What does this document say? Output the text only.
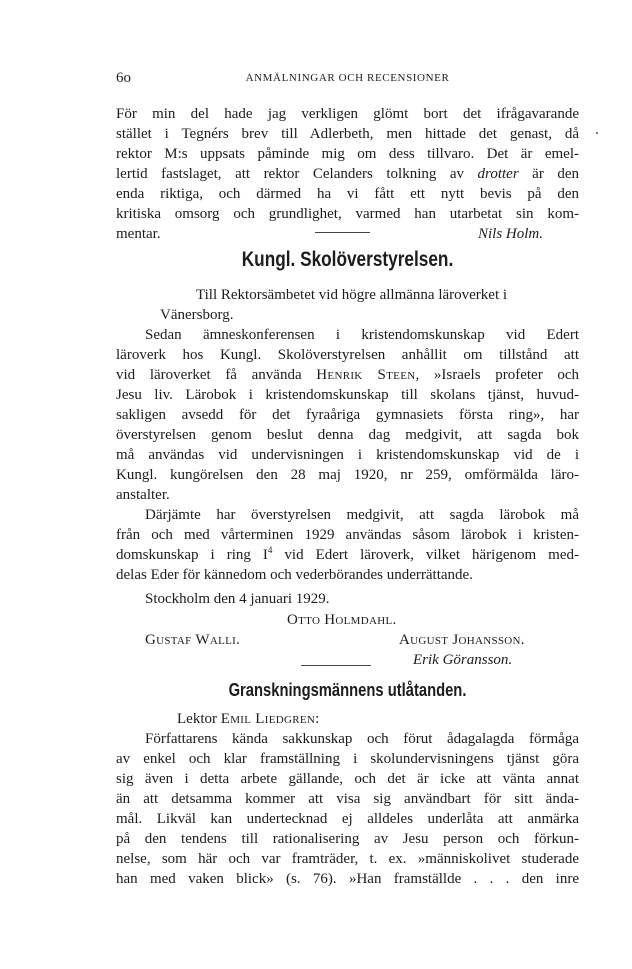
6o	ANMÄLNINGAR OCH RECENSIONER
För min del hade jag verkligen glömt bort det ifrågavarande
stället i Tegnérs brev till Adlerbeth, men hittade det genast, då
rektor M:s uppsats påminde mig om dess tillvaro. Det är emel-
lertid fastslaget, att rektor Celanders tolkning av drotter är den
enda riktiga, och därmed ha vi fått ett nytt bevis på den
kritiska omsorg och grundlighet, varmed han utarbetat sin kom-
mentar.	Nils Holm.
Kungl. Skolöverstyrelsen.
Till Rektorsämbetet vid högre allmänna läroverket i
Vänersborg.
Sedan ämneskonferensen i kristendomskunskap vid Edert
läroverk hos Kungl. Skolöverstyrelsen anhållit om tillstånd att
vid läroverket få använda Henrik Steen, »Israels profeter och
Jesu liv. Lärobok i kristendomskunskap till skolans tjänst, huvud-
sakligen avsedd för det fyraåriga gymnasiets första ring», har
överstyrelsen genom beslut denna dag medgivit, att sagda bok
må användas vid undervisningen i kristendomskunskap vid de i
Kungl. kungörelsen den 28 maj 1920, nr 259, omförmälda läro-
anstalter.
Därjämte har överstyrelsen medgivit, att sagda lärobok må
från och med vårterminen 1929 användas såsom lärobok i kristen-
domskunskap i ring $I^4$ vid Edert läroverk, vilket härigenom med-
delas Eder för kännedom och vederbörandes underrättande.
Stockholm den 4 januari 1929.
Otto Holmdahl.
Gustaf Walli.	August Johansson.
Erik Göransson.
Granskningsmännens utlåtanden.
Lektor Emil Liedgren:
Författarens kända sakkunskap och förut ådagalagda förmåga
av enkel och klar framställning i skolundervisningens tjänst göra
sig även i detta arbete gällande, och det är icke att vänta annat
än att detsamma kommer att visa sig användbart för sitt ända-
mål. Likväl kan undertecknad ej alldeles underlåta att anmärka
på den tendens till rationalisering av Jesu person och förkun-
nelse, som här och var framträder, t. ex. »människolivet studerade
han med vaken blick» (s. 76). »Han framställde . . . den inre
